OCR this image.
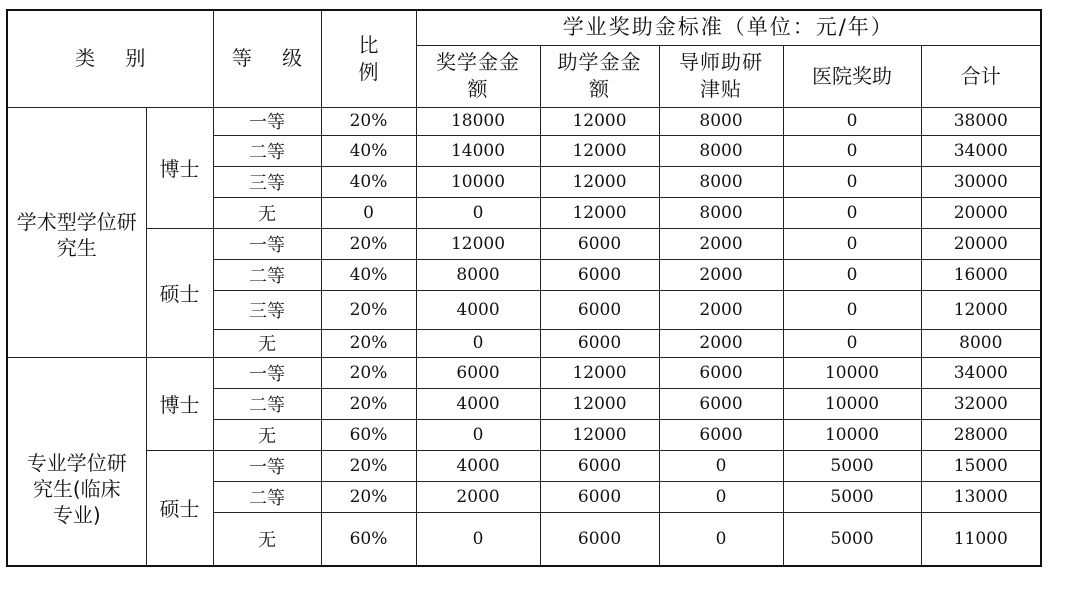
类 别		等 级	比 例	学业奖助金标准（单位：元/年）				

				奖学金金额	助学金金额	导师助研津贴	医院奖助	合计

学术型学位研究生	博士	一等	20%	18000	12000	8000	0	38000
		二等	40%	14000	12000	8000	0	34000
		三等	40%	10000	12000	8000	0	30000
		无	0	0	12000	8000	0	20000
	硕士	一等	20%	12000	6000	2000	0	20000
		二等	40%	8000	6000	2000	0	16000
		三等	20%	4000	6000	2000	0	12000
		无	20%	0	6000	2000	0	8000

专业学位研究生(临床专业)	博士	一等	20%	6000	12000	6000	10000	34000
		二等	20%	4000	12000	6000	10000	32000
		无	60%	0	12000	6000	10000	28000
	硕士	一等	20%	4000	6000	0	5000	15000
		二等	20%	2000	6000	0	5000	13000
		无	60%	0	6000	0	5000	11000
